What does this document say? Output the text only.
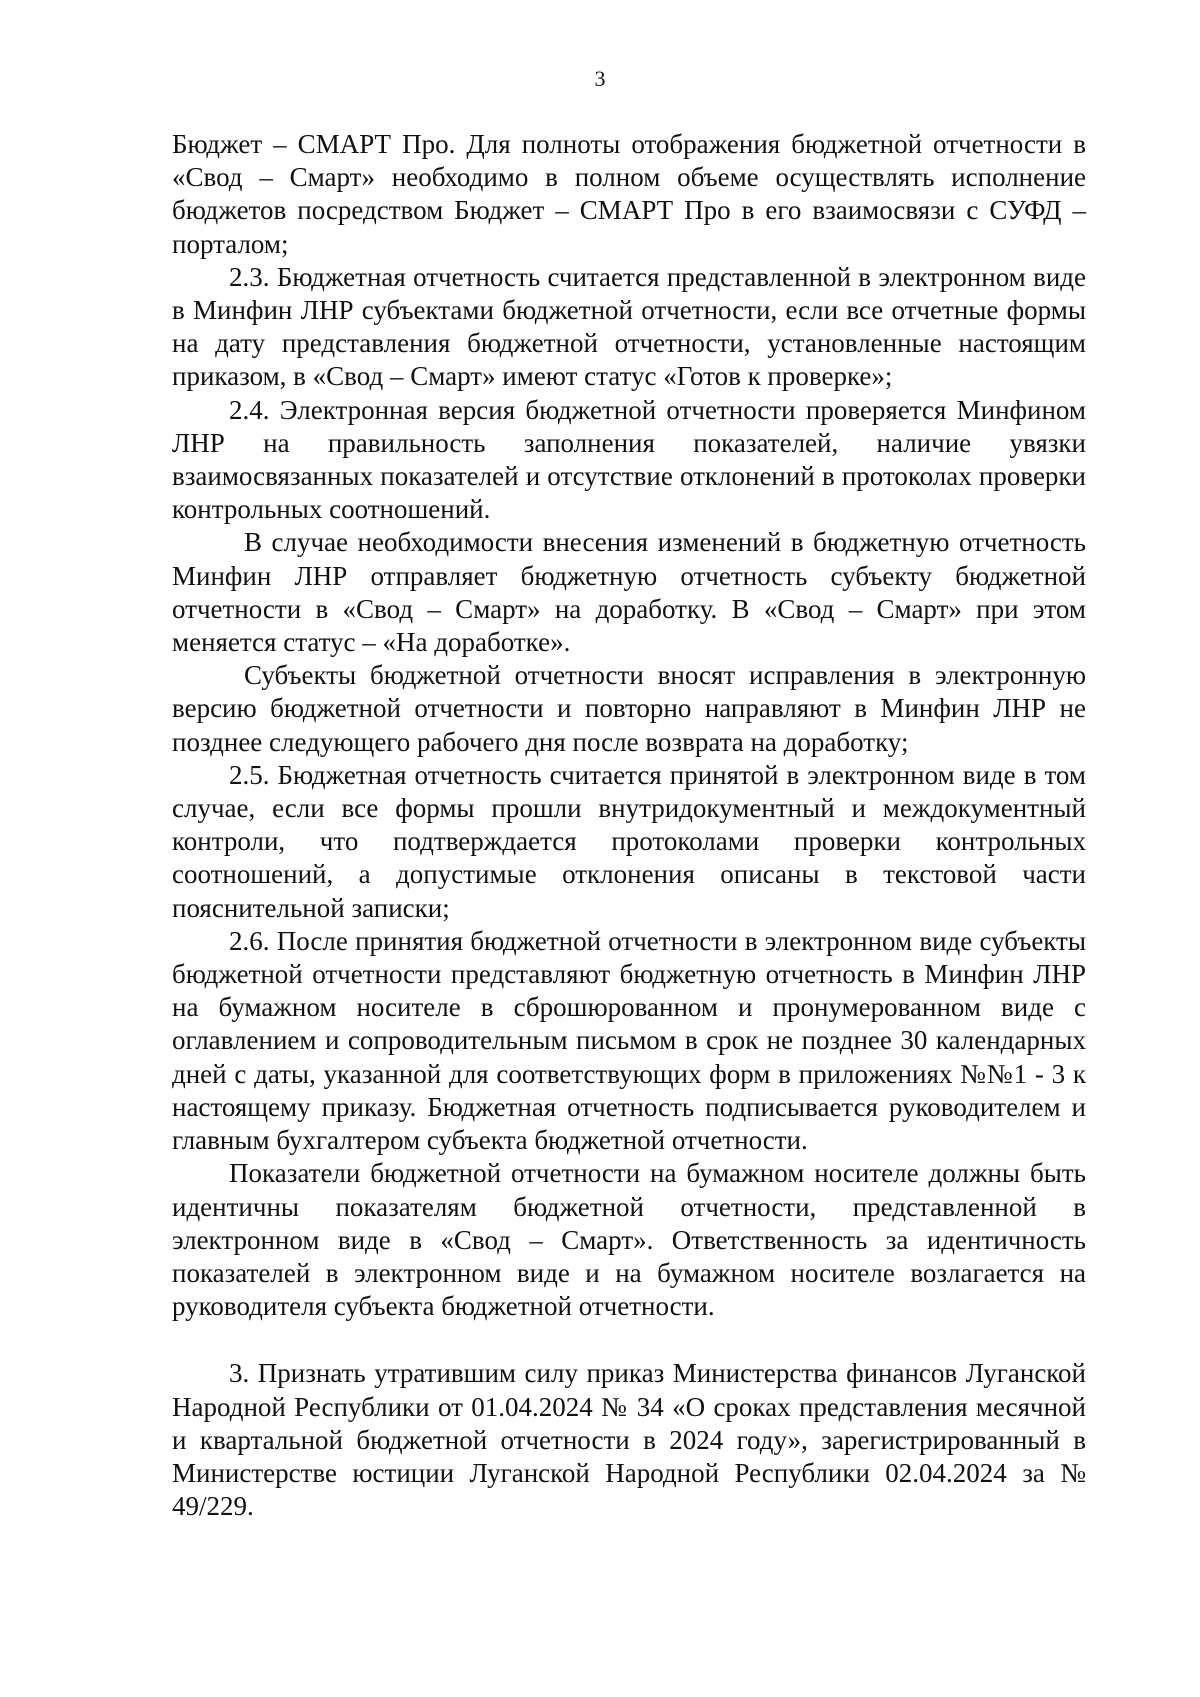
3

Бюджет – СМАРТ Про. Для полноты отображения бюджетной отчетности в «Свод – Смарт» необходимо в полном объеме осуществлять исполнение бюджетов посредством Бюджет – СМАРТ Про в его взаимосвязи с СУФД – порталом;

2.3. Бюджетная отчетность считается представленной в электронном виде в Минфин ЛНР субъектами бюджетной отчетности, если все отчетные формы на дату представления бюджетной отчетности, установленные настоящим приказом, в «Свод – Смарт» имеют статус «Готов к проверке»;

2.4. Электронная версия бюджетной отчетности проверяется Минфином ЛНР на правильность заполнения показателей, наличие увязки взаимосвязанных показателей и отсутствие отклонений в протоколах проверки контрольных соотношений.

В случае необходимости внесения изменений в бюджетную отчетность Минфин ЛНР отправляет бюджетную отчетность субъекту бюджетной отчетности в «Свод – Смарт» на доработку. В «Свод – Смарт» при этом меняется статус – «На доработке».

Субъекты бюджетной отчетности вносят исправления в электронную версию бюджетной отчетности и повторно направляют в Минфин ЛНР не позднее следующего рабочего дня после возврата на доработку;

2.5. Бюджетная отчетность считается принятой в электронном виде в том случае, если все формы прошли внутридокументный и междокументный контроли, что подтверждается протоколами проверки контрольных соотношений, а допустимые отклонения описаны в текстовой части пояснительной записки;

2.6. После принятия бюджетной отчетности в электронном виде субъекты бюджетной отчетности представляют бюджетную отчетность в Минфин ЛНР на бумажном носителе в сброшюрованном и пронумерованном виде с оглавлением и сопроводительным письмом в срок не позднее 30 календарных дней с даты, указанной для соответствующих форм в приложениях №№1 - 3 к настоящему приказу. Бюджетная отчетность подписывается руководителем и главным бухгалтером субъекта бюджетной отчетности.

Показатели бюджетной отчетности на бумажном носителе должны быть идентичны показателям бюджетной отчетности, представленной в электронном виде в «Свод – Смарт». Ответственность за идентичность показателей в электронном виде и на бумажном носителе возлагается на руководителя субъекта бюджетной отчетности.

3. Признать утратившим силу приказ Министерства финансов Луганской Народной Республики от 01.04.2024 № 34 «О сроках представления месячной и квартальной бюджетной отчетности в 2024 году», зарегистрированный в Министерстве юстиции Луганской Народной Республики 02.04.2024 за № 49/229.
